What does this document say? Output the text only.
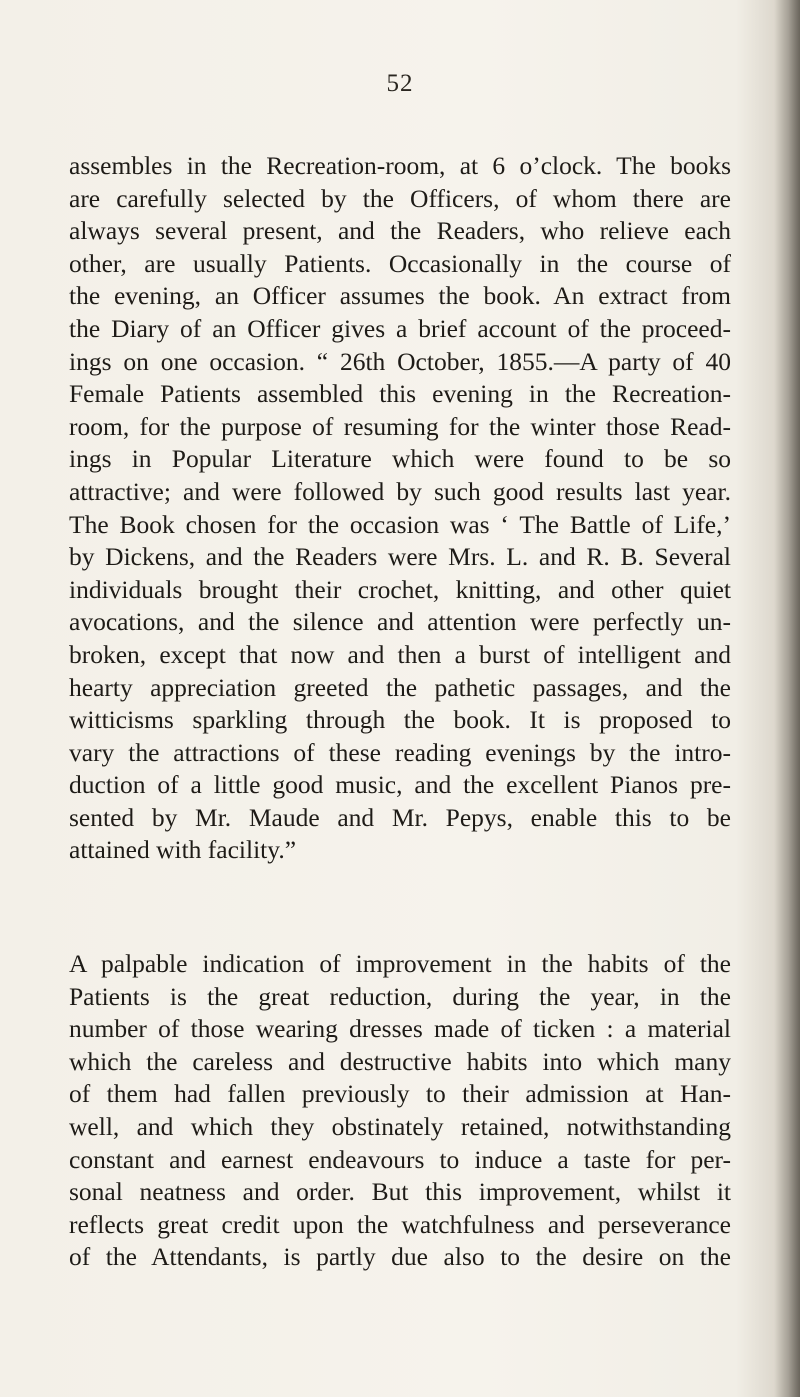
52
assembles in the Recreation-room, at 6 o’clock. The books
are carefully selected by the Officers, of whom there are
always several present, and the Readers, who relieve each
other, are usually Patients. Occasionally in the course of
the evening, an Officer assumes the book. An extract from
the Diary of an Officer gives a brief account of the proceed-
ings on one occasion. “ 26th October, 1855.—A party of 40
Female Patients assembled this evening in the Recreation-
room, for the purpose of resuming for the winter those Read-
ings in Popular Literature which were found to be so
attractive; and were followed by such good results last year.
The Book chosen for the occasion was ‘ The Battle of Life,’
by Dickens, and the Readers were Mrs. L. and R. B. Several
individuals brought their crochet, knitting, and other quiet
avocations, and the silence and attention were perfectly un-
broken, except that now and then a burst of intelligent and
hearty appreciation greeted the pathetic passages, and the
witticisms sparkling through the book. It is proposed to
vary the attractions of these reading evenings by the intro-
duction of a little good music, and the excellent Pianos pre-
sented by Mr. Maude and Mr. Pepys, enable this to be
attained with facility.”
A palpable indication of improvement in the habits of the
Patients is the great reduction, during the year, in the
number of those wearing dresses made of ticken : a material
which the careless and destructive habits into which many
of them had fallen previously to their admission at Han-
well, and which they obstinately retained, notwithstanding
constant and earnest endeavours to induce a taste for per-
sonal neatness and order. But this improvement, whilst it
reflects great credit upon the watchfulness and perseverance
of the Attendants, is partly due also to the desire on the
